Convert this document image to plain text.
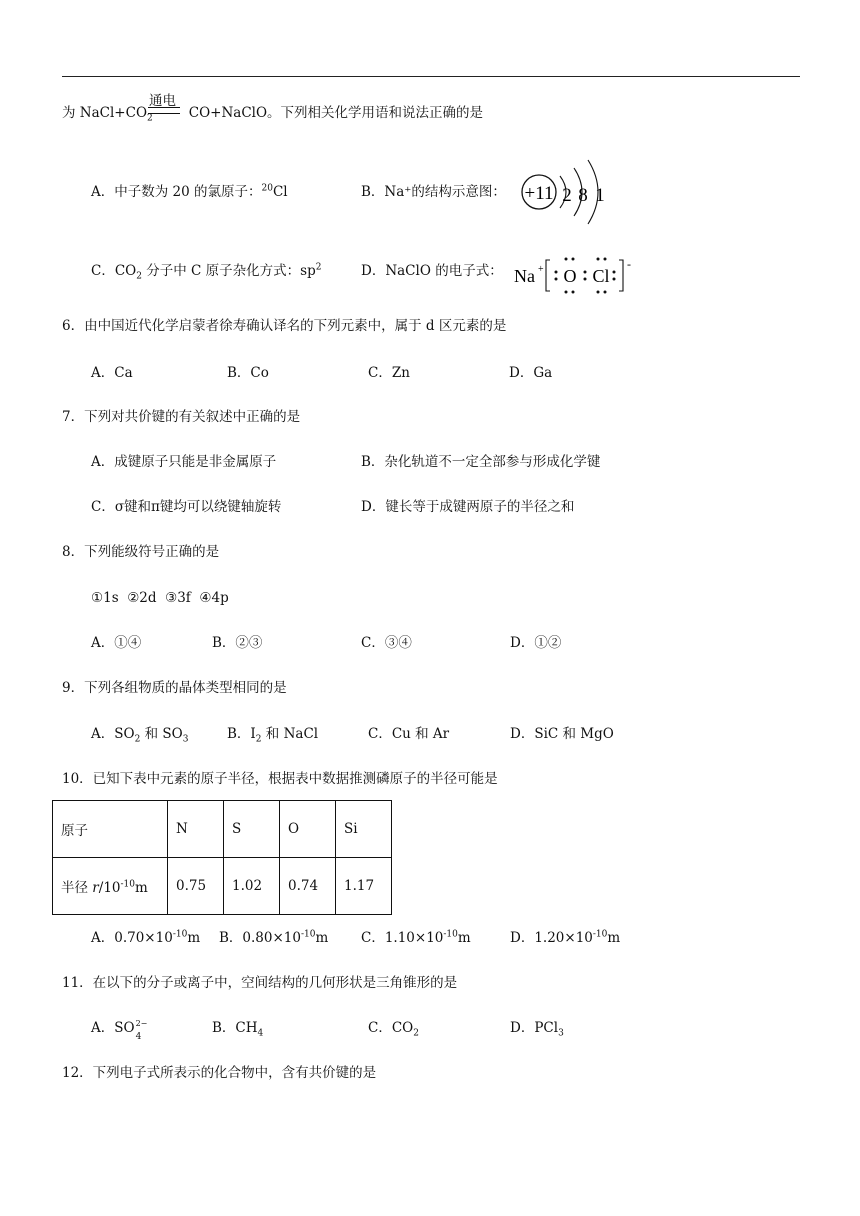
为 $NaCl+CO_2$	CO+NaClO。下列相关化学用语和说法正确的是
通电
A．中子数为 20 的氯原子：$^{20}$Cl	B．Na⁺的结构示意图： +11 2 8 1
C．$CO_2$ 分子中 C 原子杂化方式：$sp^2$	D．NaClO 的电子式： Na +	-
O Cl
6．由中国近代化学启蒙者徐寿确认译名的下列元素中，属于 d 区元素的是
A．Ca	B．Co	C．Zn	D．Ga
7．下列对共价键的有关叙述中正确的是
A．成键原子只能是非金属原子	B．杂化轨道不一定全部参与形成化学键
C．σ键和π键均可以绕键轴旋转	D．键长等于成键两原子的半径之和
8．下列能级符号正确的是
①1s  ②2d  ③3f  ④4p
A．①④	B．②③	C．③④	D．①②
9．下列各组物质的晶体类型相同的是
A．$SO_2$ 和 $SO_3$	B．$I_2$ 和 NaCl	C．Cu 和 Ar	D．SiC 和 MgO
10．已知下表中元素的原子半径，根据表中数据推测磷原子的半径可能是
原子	N	S	O	Si
半径 $r/10^{-10}m$	0.75	1.02	0.74	1.17
A．$0.70\times 10^{-10}m$ B．$0.80\times 10^{-10}m$ C．$1.10\times 10^{-10}m$	D．$1.20\times 10^{-10}m$
11．在以下的分子或离子中，空间结构的几何形状是三角锥形的是
A．SO 2−
4
B．$CH_4$	C．$CO_2$	D．PCl$_3$
12．下列电子式所表示的化合物中，含有共价键的是
